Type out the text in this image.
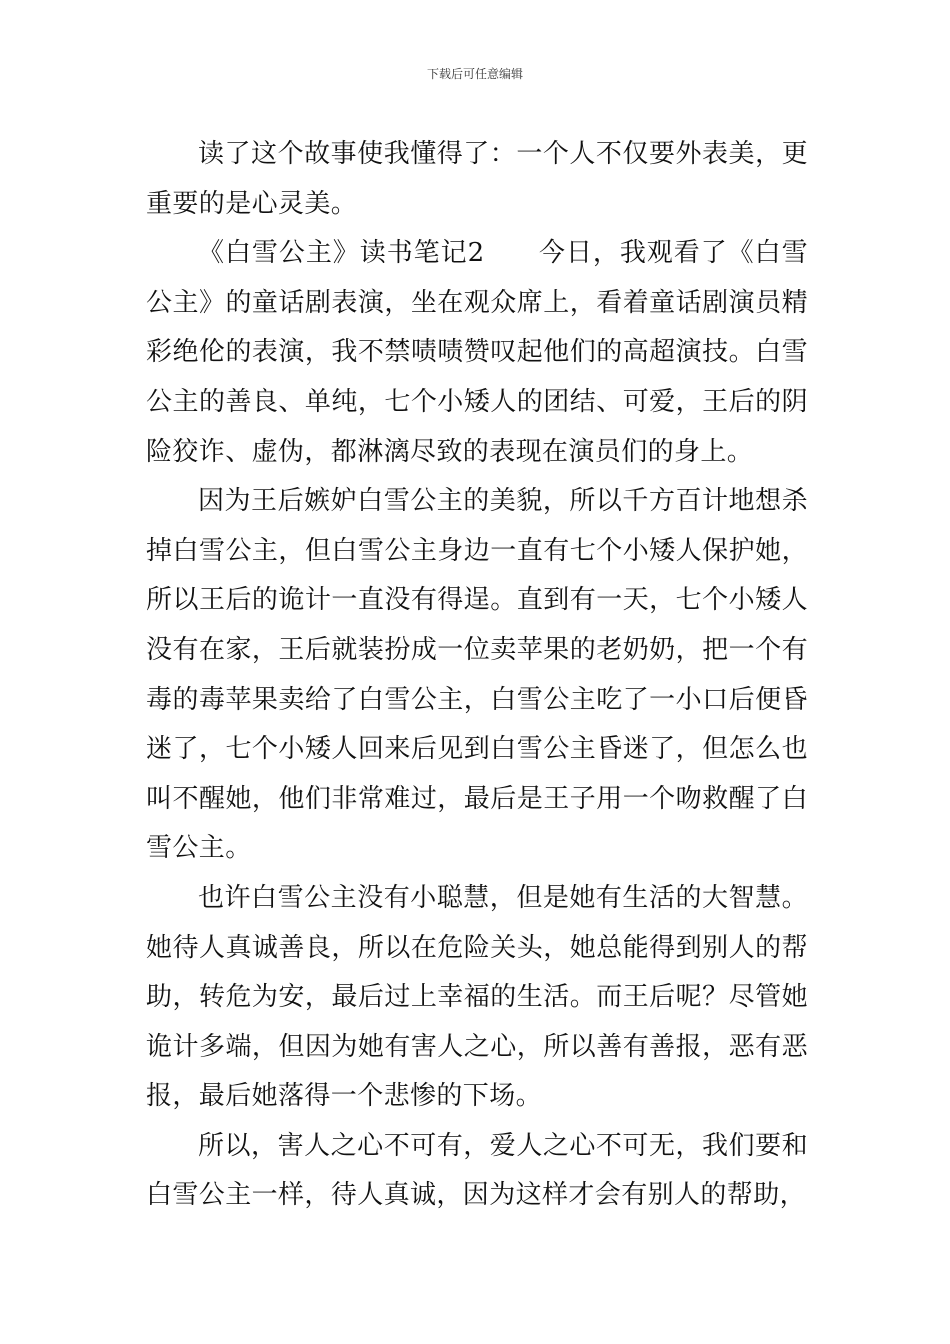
下载后可任意编辑

读了这个故事使我懂得了：一个人不仅要外表美，更重要的是心灵美。

《白雪公主》读书笔记2　　今日，我观看了《白雪公主》的童话剧表演，坐在观众席上，看着童话剧演员精彩绝伦的表演，我不禁啧啧赞叹起他们的高超演技。白雪公主的善良、单纯，七个小矮人的团结、可爱，王后的阴险狡诈、虚伪，都淋漓尽致的表现在演员们的身上。

因为王后嫉妒白雪公主的美貌，所以千方百计地想杀掉白雪公主，但白雪公主身边一直有七个小矮人保护她，所以王后的诡计一直没有得逞。直到有一天，七个小矮人没有在家，王后就装扮成一位卖苹果的老奶奶，把一个有毒的毒苹果卖给了白雪公主，白雪公主吃了一小口后便昏迷了，七个小矮人回来后见到白雪公主昏迷了，但怎么也叫不醒她，他们非常难过，最后是王子用一个吻救醒了白雪公主。

也许白雪公主没有小聪慧，但是她有生活的大智慧。她待人真诚善良，所以在危险关头，她总能得到别人的帮助，转危为安，最后过上幸福的生活。而王后呢？尽管她诡计多端，但因为她有害人之心，所以善有善报，恶有恶报，最后她落得一个悲惨的下场。

所以，害人之心不可有，爱人之心不可无，我们要和白雪公主一样，待人真诚，因为这样才会有别人的帮助，
